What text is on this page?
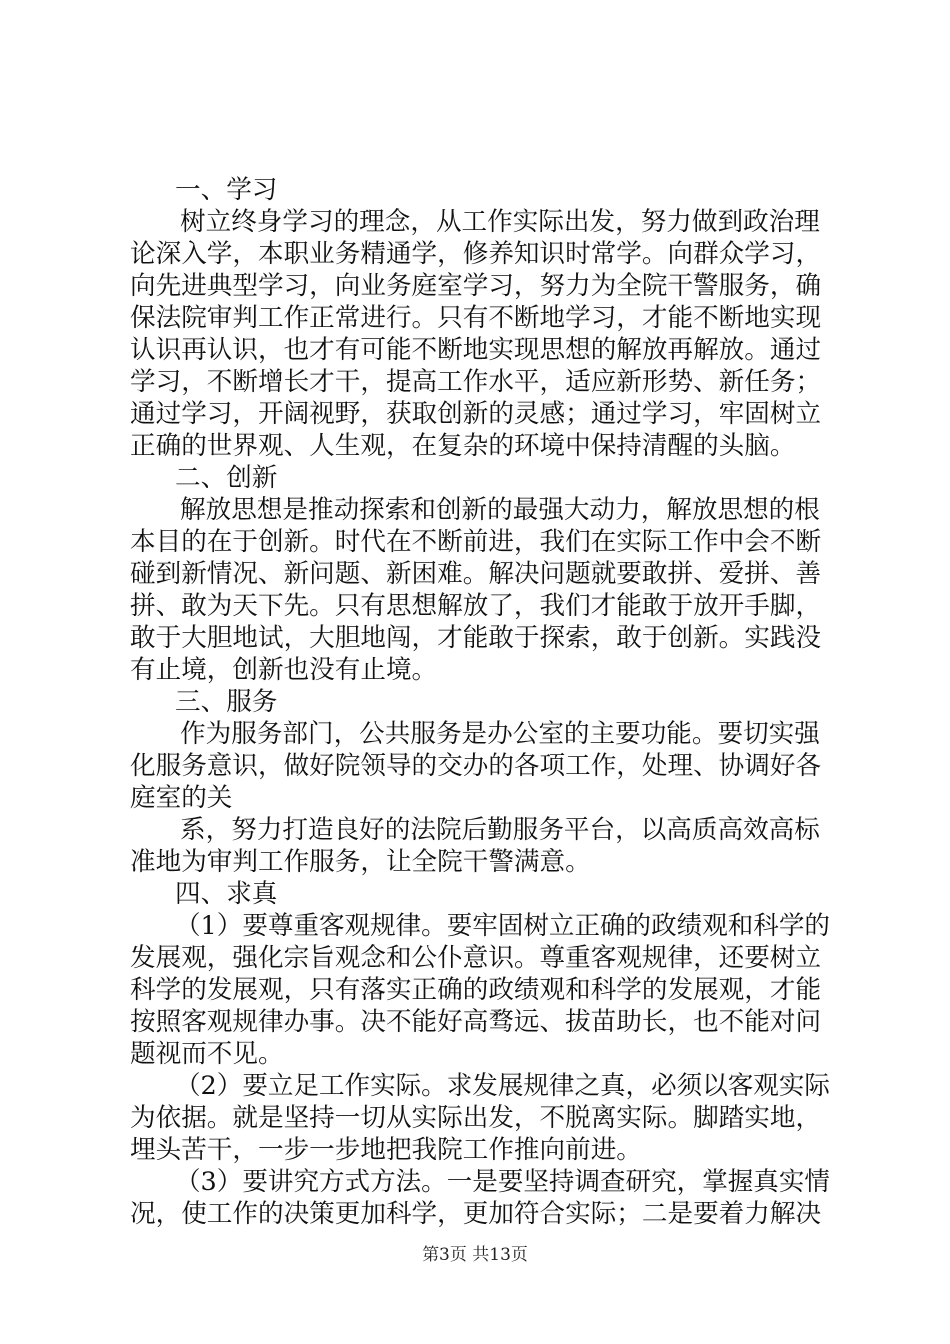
一、学习
树立终身学习的理念，从工作实际出发，努力做到政治理
论深入学，本职业务精通学，修养知识时常学。向群众学习，
向先进典型学习，向业务庭室学习，努力为全院干警服务，确
保法院审判工作正常进行。只有不断地学习，才能不断地实现
认识再认识，也才有可能不断地实现思想的解放再解放。通过
学习，不断增长才干，提高工作水平，适应新形势、新任务；
通过学习，开阔视野，获取创新的灵感；通过学习，牢固树立
正确的世界观、人生观，在复杂的环境中保持清醒的头脑。
二、创新
解放思想是推动探索和创新的最强大动力，解放思想的根
本目的在于创新。时代在不断前进，我们在实际工作中会不断
碰到新情况、新问题、新困难。解决问题就要敢拼、爱拼、善
拼、敢为天下先。只有思想解放了，我们才能敢于放开手脚，
敢于大胆地试，大胆地闯，才能敢于探索，敢于创新。实践没
有止境，创新也没有止境。
三、服务
作为服务部门，公共服务是办公室的主要功能。要切实强
化服务意识，做好院领导的交办的各项工作，处理、协调好各
庭室的关
系，努力打造良好的法院后勤服务平台，以高质高效高标
准地为审判工作服务，让全院干警满意。
四、求真
（1）要尊重客观规律。要牢固树立正确的政绩观和科学的
发展观，强化宗旨观念和公仆意识。尊重客观规律，还要树立
科学的发展观，只有落实正确的政绩观和科学的发展观，才能
按照客观规律办事。决不能好高骛远、拔苗助长，也不能对问
题视而不见。
（2）要立足工作实际。求发展规律之真，必须以客观实际
为依据。就是坚持一切从实际出发，不脱离实际。脚踏实地，
埋头苦干，一步一步地把我院工作推向前进。
（3）要讲究方式方法。一是要坚持调查研究，掌握真实情
况，使工作的决策更加科学，更加符合实际；二是要着力解决
第3页 共13页
